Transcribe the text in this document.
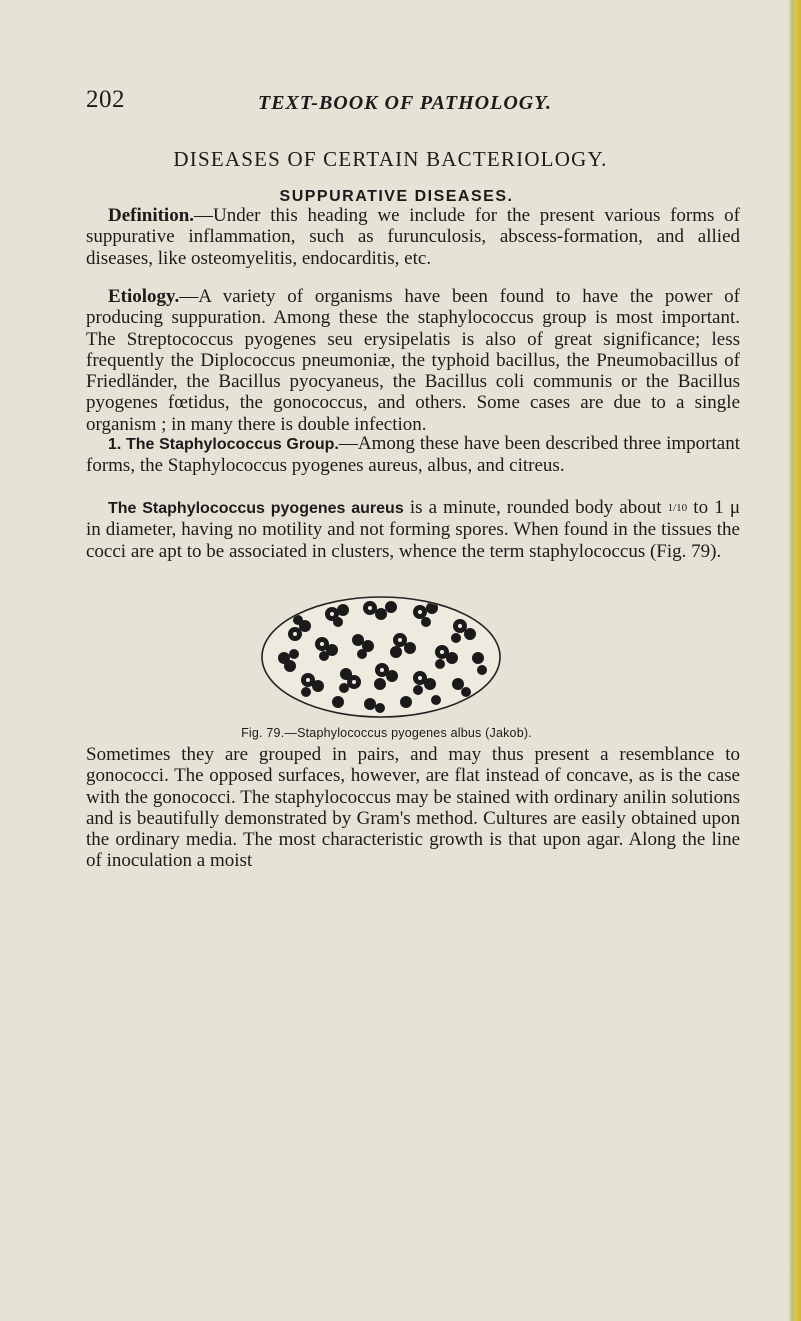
202	TEXT-BOOK OF PATHOLOGY.
DISEASES OF CERTAIN BACTERIOLOGY.
SUPPURATIVE DISEASES.

Definition.—Under this heading we include for the present various forms of suppurative inflammation, such as furunculosis, abscess-formation, and allied diseases, like osteomyelitis, endocarditis, etc.

Etiology.—A variety of organisms have been found to have the power of producing suppuration. Among these the staphylococcus group is most important. The Streptococcus pyogenes seu erysipelatis is also of great significance; less frequently the Diplococcus pneumoniæ, the typhoid bacillus, the Pneumobacillus of Friedländer, the Bacillus pyocyaneus, the Bacillus coli communis or the Bacillus pyogenes fœtidus, the gonococcus, and others. Some cases are due to a single organism ; in many there is double infection.

1. The Staphylococcus Group.—Among these have been described three important forms, the Staphylococcus pyogenes aureus, albus, and citreus.

The Staphylococcus pyogenes aureus is a minute, rounded body about 1/10 to 1 μ in diameter, having no motility and not forming spores. When found in the tissues the cocci are apt to be associated in clusters, whence the term staphylococcus (Fig. 79).

Fig. 79.—Staphylococcus pyogenes albus (Jakob).

Sometimes they are grouped in pairs, and may thus present a resemblance to gonococci. The opposed surfaces, however, are flat instead of concave, as is the case with the gonococci. The staphylococcus may be stained with ordinary anilin solutions and is beautifully demonstrated by Gram's method. Cultures are easily obtained upon the ordinary media. The most characteristic growth is that upon agar. Along the line of inoculation a moist
